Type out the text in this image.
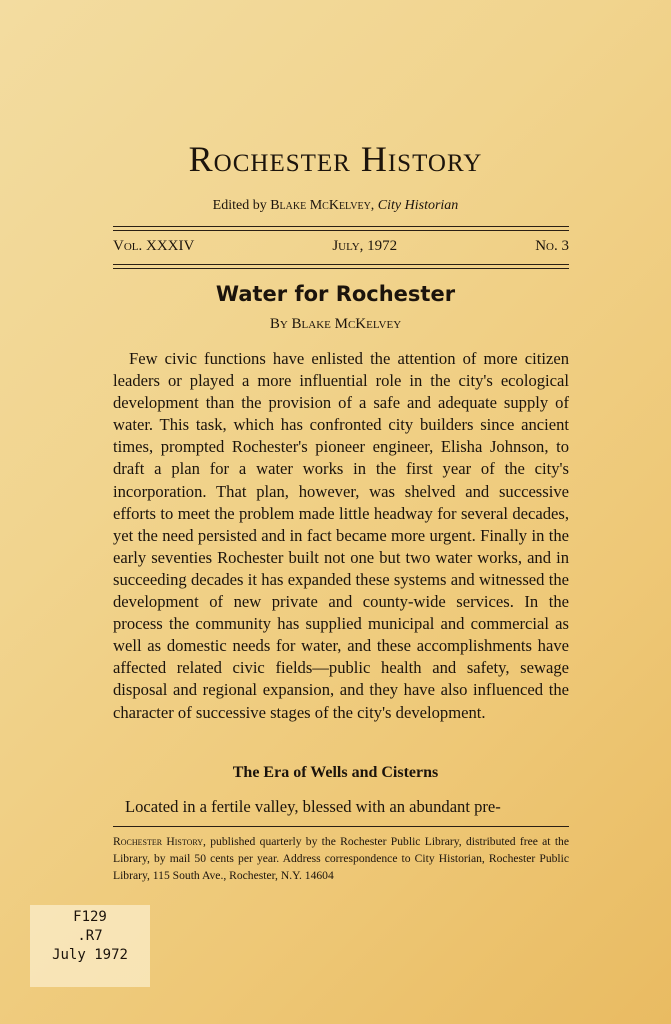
Rochester History
Edited by Blake McKelvey, City Historian
Vol. XXXIV	July, 1972	No. 3
Water for Rochester
By Blake McKelvey

Few civic functions have enlisted the attention of more citizen leaders or played a more influential role in the city's ecological development than the provision of a safe and adequate supply of water. This task, which has confronted city builders since ancient times, prompted Rochester's pioneer engineer, Elisha Johnson, to draft a plan for a water works in the first year of the city's incorporation. That plan, however, was shelved and successive efforts to meet the problem made little headway for several decades, yet the need persisted and in fact became more urgent. Finally in the early seventies Rochester built not one but two water works, and in succeeding decades it has expanded these systems and witnessed the development of new private and county-wide services. In the process the community has supplied municipal and commercial as well as domestic needs for water, and these accomplishments have affected related civic fields—public health and safety, sewage disposal and regional expansion, and they have also influenced the character of successive stages of the city's development.

The Era of Wells and Cisterns

Located in a fertile valley, blessed with an abundant pre-

Rochester History, published quarterly by the Rochester Public Library, distributed free at the Library, by mail 50 cents per year. Address correspondence to City Historian, Rochester Public Library, 115 South Ave., Rochester, N.Y. 14604

F129
.R7
July 1972
